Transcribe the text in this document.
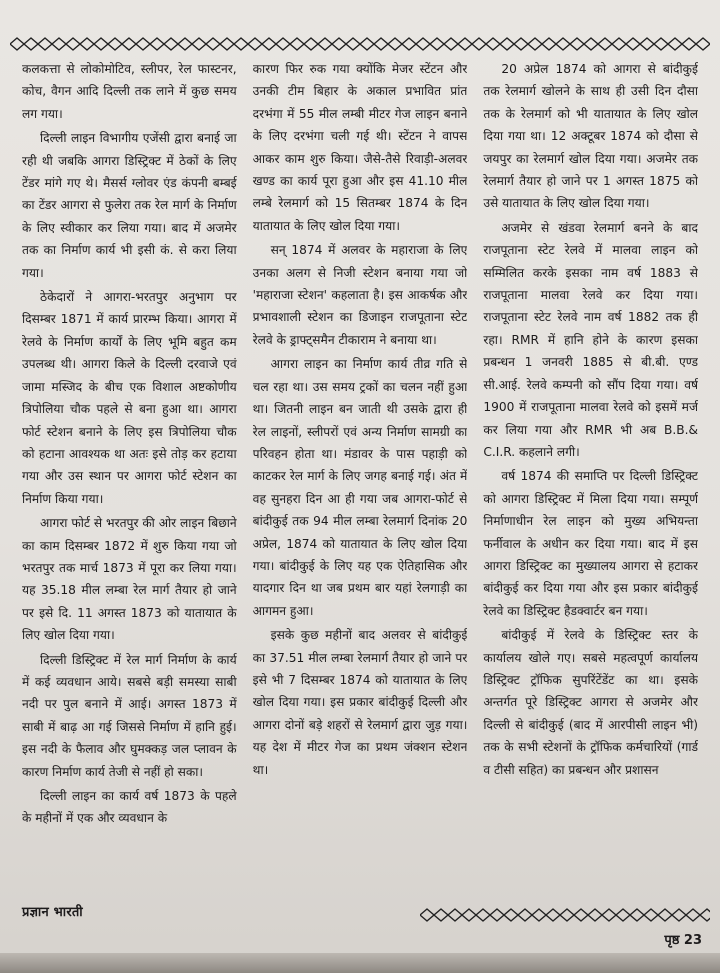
कलकत्ता से लोकोमोटिव, स्लीपर, रेल फास्टनर, कोच, वैगन आदि दिल्ली तक लाने में कुछ समय लग गया।

दिल्ली लाइन विभागीय एजेंसी द्वारा बनाई जा रही थी जबकि आगरा डिस्ट्रिक्ट में ठेकों के लिए टेंडर मांगे गए थे। मैसर्स ग्लोवर एंड कंपनी बम्बई का टेंडर आगरा से फुलेरा तक रेल मार्ग के निर्माण के लिए स्वीकार कर लिया गया। बाद में अजमेर तक का निर्माण कार्य भी इसी कं. से करा लिया गया।

ठेकेदारों ने आगरा-भरतपुर अनुभाग पर दिसम्बर 1871 में कार्य प्रारम्भ किया। आगरा में रेलवे के निर्माण कार्यों के लिए भूमि बहुत कम उपलब्ध थी। आगरा किले के दिल्ली दरवाजे एवं जामा मस्जिद के बीच एक विशाल अष्टकोणीय त्रिपोलिया चौक पहले से बना हुआ था। आगरा फोर्ट स्टेशन बनाने के लिए इस त्रिपोलिया चौक को हटाना आवश्यक था अतः इसे तोड़ कर हटाया गया और उस स्थान पर आगरा फोर्ट स्टेशन का निर्माण किया गया।

आगरा फोर्ट से भरतपुर की ओर लाइन बिछाने का काम दिसम्बर 1872 में शुरु किया गया जो भरतपुर तक मार्च 1873 में पूरा कर लिया गया। यह 35.18 मील लम्बा रेल मार्ग तैयार हो जाने पर इसे दि. 11 अगस्त 1873 को यातायात के लिए खोल दिया गया।

दिल्ली डिस्ट्रिक्ट में रेल मार्ग निर्माण के कार्य में कई व्यवधान आये। सबसे बड़ी समस्या साबी नदी पर पुल बनाने में आई। अगस्त 1873 में साबी में बाढ़ आ गई जिससे निर्माण में हानि हुई। इस नदी के फैलाव और घुमक्कड़ जल प्लावन के कारण निर्माण कार्य तेजी से नहीं हो सका।

दिल्ली लाइन का कार्य वर्ष 1873 के पहले के महीनों में एक और व्यवधान के

कारण फिर रुक गया क्योंकि मेजर स्टेंटन और उनकी टीम बिहार के अकाल प्रभावित प्रांत दरभंगा में 55 मील लम्बी मीटर गेज लाइन बनाने के लिए दरभंगा चली गई थी। स्टेंटन ने वापस आकर काम शुरु किया। जैसे-तैसे रिवाड़ी-अलवर खण्ड का कार्य पूरा हुआ और इस 41.10 मील लम्बे रेलमार्ग को 15 सितम्बर 1874 के दिन यातायात के लिए खोल दिया गया।

सन् 1874 में अलवर के महाराजा के लिए उनका अलग से निजी स्टेशन बनाया गया जो 'महाराजा स्टेशन' कहलाता है। इस आकर्षक और प्रभावशाली स्टेशन का डिजाइन राजपूताना स्टेट रेलवे के ड्राफ्ट्समैन टीकाराम ने बनाया था।

आगरा लाइन का निर्माण कार्य तीव्र गति से चल रहा था। उस समय ट्रकों का चलन नहीं हुआ था। जितनी लाइन बन जाती थी उसके द्वारा ही रेल लाइनों, स्लीपरों एवं अन्य निर्माण सामग्री का परिवहन होता था। मंडावर के पास पहाड़ी को काटकर रेल मार्ग के लिए जगह बनाई गई। अंत में वह सुनहरा दिन आ ही गया जब आगरा-फोर्ट से बांदीकुई तक 94 मील लम्बा रेलमार्ग दिनांक 20 अप्रेल, 1874 को यातायात के लिए खोल दिया गया। बांदीकुई के लिए यह एक ऐतिहासिक और यादगार दिन था जब प्रथम बार यहां रेलगाड़ी का आगमन हुआ।

इसके कुछ महीनों बाद अलवर से बांदीकुई का 37.51 मील लम्बा रेलमार्ग तैयार हो जाने पर इसे भी 7 दिसम्बर 1874 को यातायात के लिए खोल दिया गया। इस प्रकार बांदीकुई दिल्ली और आगरा दोनों बड़े शहरों से रेलमार्ग द्वारा जुड़ गया। यह देश में मीटर गेज का प्रथम जंक्शन स्टेशन था।

20 अप्रेल 1874 को आगरा से बांदीकुई तक रेलमार्ग खोलने के साथ ही उसी दिन दौसा तक के रेलमार्ग को भी यातायात के लिए खोल दिया गया था। 12 अक्टूबर 1874 को दौसा से जयपुर का रेलमार्ग खोल दिया गया। अजमेर तक रेलमार्ग तैयार हो जाने पर 1 अगस्त 1875 को उसे यातायात के लिए खोल दिया गया।

अजमेर से खंडवा रेलमार्ग बनने के बाद राजपूताना स्टेट रेलवे में मालवा लाइन को सम्मिलित करके इसका नाम वर्ष 1883 से राजपूताना मालवा रेलवे कर दिया गया। राजपूताना स्टेट रेलवे नाम वर्ष 1882 तक ही रहा। RMR में हानि होने के कारण इसका प्रबन्धन 1 जनवरी 1885 से बी.बी. एण्ड सी.आई. रेलवे कम्पनी को सौंप दिया गया। वर्ष 1900 में राजपूताना मालवा रेलवे को इसमें मर्ज कर लिया गया और RMR भी अब B.B.& C.I.R. कहलाने लगी।

वर्ष 1874 की समाप्ति पर दिल्ली डिस्ट्रिक्ट को आगरा डिस्ट्रिक्ट में मिला दिया गया। सम्पूर्ण निर्माणाधीन रेल लाइन को मुख्य अभियन्ता फर्नीवाल के अधीन कर दिया गया। बाद में इस आगरा डिस्ट्रिक्ट का मुख्यालय आगरा से हटाकर बांदीकुई कर दिया गया और इस प्रकार बांदीकुई रेलवे का डिस्ट्रिक्ट हैडक्वार्टर बन गया।

बांदीकुई में रेलवे के डिस्ट्रिक्ट स्तर के कार्यालय खोले गए। सबसे महत्वपूर्ण कार्यालय डिस्ट्रिक्ट ट्रॉफिक सुपरिंटेंडेंट का था। इसके अन्तर्गत पूरे डिस्ट्रिक्ट आगरा से अजमेर और दिल्ली से बांदीकुई (बाद में आरपीसी लाइन भी) तक के सभी स्टेशनों के ट्रॉफिक कर्मचारियों (गार्ड व टीसी सहित) का प्रबन्धन और प्रशासन

प्रज्ञान भारती
पृष्ठ 23
